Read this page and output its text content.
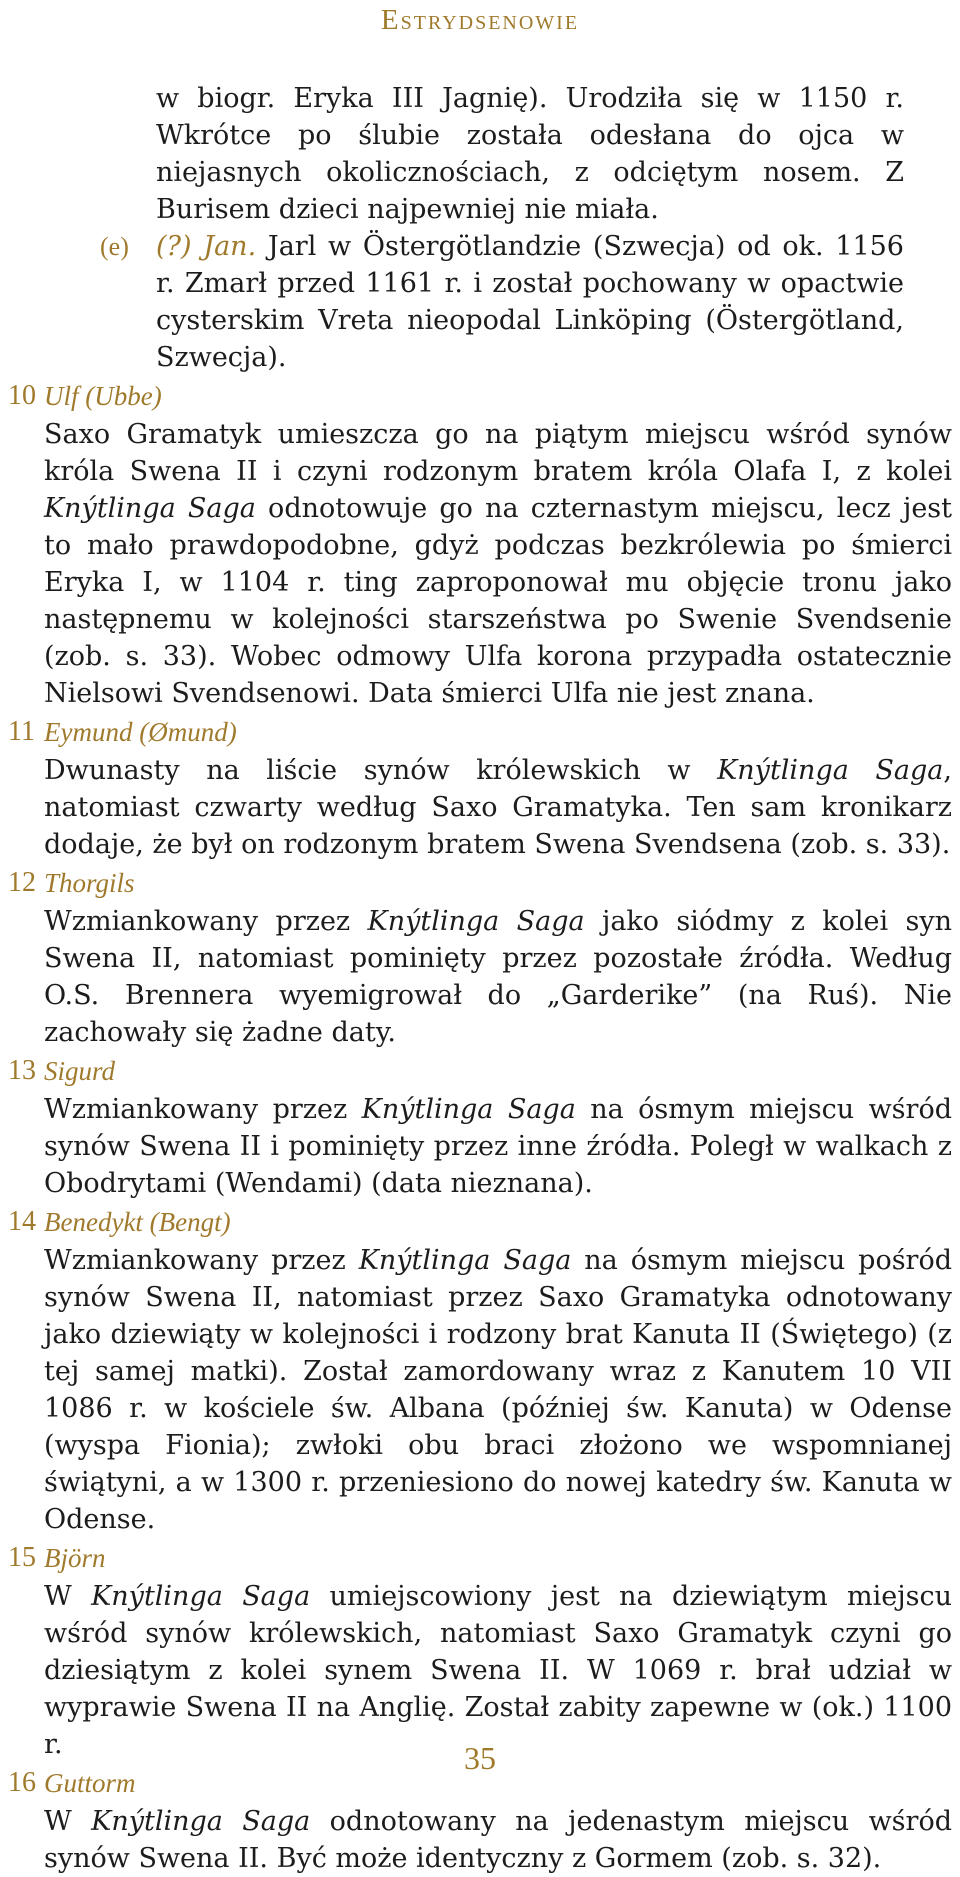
Estrydsenowie

w biogr. Eryka III Jagnię). Urodziła się w 1150 r. Wkrótce po ślubie została odesłana do ojca w niejasnych okolicznościach, z odciętym nosem. Z Burisem dzieci najpewniej nie miała.

(e) (?) Jan. Jarl w Östergötlandzie (Szwecja) od ok. 1156 r. Zmarł przed 1161 r. i został pochowany w opactwie cysterskim Vreta nieopodal Linköping (Östergötland, Szwecja).

10 Ulf (Ubbe)

Saxo Gramatyk umieszcza go na piątym miejscu wśród synów króla Swena II i czyni rodzonym bratem króla Olafa I, z kolei Knýtlinga Saga odnotowuje go na czternastym miejscu, lecz jest to mało prawdopodobne, gdyż podczas bezkrólewia po śmierci Eryka I, w 1104 r. ting zaproponował mu objęcie tronu jako następnemu w kolejności starszeństwa po Swenie Svendsenie (zob. s. 33). Wobec odmowy Ulfa korona przypadła ostatecznie Nielsowi Svendsenowi. Data śmierci Ulfa nie jest znana.

11 Eymund (Ømund)

Dwunasty na liście synów królewskich w Knýtlinga Saga, natomiast czwarty według Saxo Gramatyka. Ten sam kronikarz dodaje, że był on rodzonym bratem Swena Svendsena (zob. s. 33).

12 Thorgils

Wzmiankowany przez Knýtlinga Saga jako siódmy z kolei syn Swena II, natomiast pominięty przez pozostałe źródła. Według O.S. Brennera wyemigrował do „Garderike” (na Ruś). Nie zachowały się żadne daty.

13 Sigurd

Wzmiankowany przez Knýtlinga Saga na ósmym miejscu wśród synów Swena II i pominięty przez inne źródła. Poległ w walkach z Obodrytami (Wendami) (data nieznana).

14 Benedykt (Bengt)

Wzmiankowany przez Knýtlinga Saga na ósmym miejscu pośród synów Swena II, natomiast przez Saxo Gramatyka odnotowany jako dziewiąty w kolejności i rodzony brat Kanuta II (Świętego) (z tej samej matki). Został zamordowany wraz z Kanutem 10 VII 1086 r. w kościele św. Albana (później św. Kanuta) w Odense (wyspa Fionia); zwłoki obu braci złożono we wspomnianej świątyni, a w 1300 r. przeniesiono do nowej katedry św. Kanuta w Odense.

15 Björn

W Knýtlinga Saga umiejscowiony jest na dziewiątym miejscu wśród synów królewskich, natomiast Saxo Gramatyk czyni go dziesiątym z kolei synem Swena II. W 1069 r. brał udział w wyprawie Swena II na Anglię. Został zabity zapewne w (ok.) 1100 r.

16 Guttorm

W Knýtlinga Saga odnotowany na jedenastym miejscu wśród synów Swena II. Być może identyczny z Gormem (zob. s. 32).

35
